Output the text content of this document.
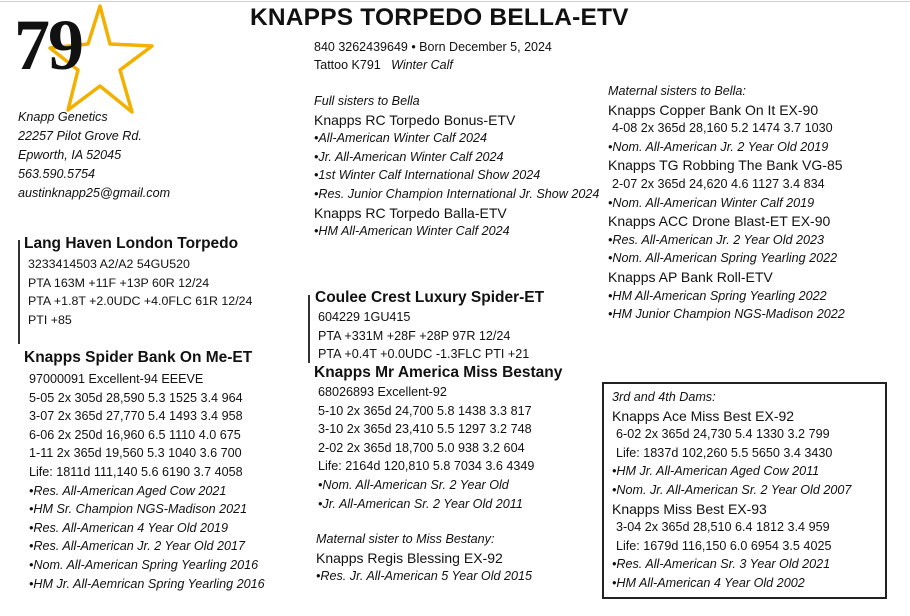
79	KNAPPS TORPEDO BELLA-ETV
840 3262439649 • Born December 5, 2024
Tattoo K791 Winter Calf
Knapp Genetics
22257 Pilot Grove Rd.
Epworth, IA 52045
563.590.5754
austinknapp25@gmail.com
Lang Haven London Torpedo
3233414503 A2/A2 54GU520
PTA 163M +11F +13P 60R 12/24
PTA +1.8T +2.0UDC +4.0FLC 61R 12/24
PTI +85
Knapps Spider Bank On Me-ET
97000091 Excellent-94 EEEVE
5-05 2x 305d 28,590 5.3 1525 3.4 964
3-07 2x 365d 27,770 5.4 1493 3.4 958
6-06 2x 250d 16,960 6.5 1110 4.0 675
1-11 2x 365d 19,560 5.3 1040 3.6 700
Life: 1811d 111,140 5.6 6190 3.7 4058
•Res. All-American Aged Cow 2021
•HM Sr. Champion NGS-Madison 2021
•Res. All-American 4 Year Old 2019
•Res. All-American Jr. 2 Year Old 2017
•Nom. All-American Spring Yearling 2016
•HM Jr. All-Aemrican Spring Yearling 2016
Full sisters to Bella
Knapps RC Torpedo Bonus-ETV
•All-American Winter Calf 2024
•Jr. All-American Winter Calf 2024
•1st Winter Calf International Show 2024
•Res. Junior Champion International Jr. Show 2024
Knapps RC Torpedo Balla-ETV
•HM All-American Winter Calf 2024
Coulee Crest Luxury Spider-ET
604229 1GU415
PTA +331M +28F +28P 97R 12/24
PTA +0.4T +0.0UDC -1.3FLC PTI +21
Knapps Mr America Miss Bestany
68026893 Excellent-92
5-10 2x 365d 24,700 5.8 1438 3.3 817
3-10 2x 365d 23,410 5.5 1297 3.2 748
2-02 2x 365d 18,700 5.0 938 3.2 604
Life: 2164d 120,810 5.8 7034 3.6 4349
•Nom. All-American Sr. 2 Year Old
•Jr. All-American Sr. 2 Year Old 2011
Maternal sister to Miss Bestany:
Knapps Regis Blessing EX-92
•Res. Jr. All-American 5 Year Old 2015
Maternal sisters to Bella:
Knapps Copper Bank On It EX-90
4-08 2x 365d 28,160 5.2 1474 3.7 1030
•Nom. All-American Jr. 2 Year Old 2019
Knapps TG Robbing The Bank VG-85
2-07 2x 365d 24,620 4.6 1127 3.4 834
•Nom. All-American Winter Calf 2019
Knapps ACC Drone Blast-ET EX-90
•Res. All-American Jr. 2 Year Old 2023
•Nom. All-American Spring Yearling 2022
Knapps AP Bank Roll-ETV
•HM All-American Spring Yearling 2022
•HM Junior Champion NGS-Madison 2022
3rd and 4th Dams:
Knapps Ace Miss Best EX-92
6-02 2x 365d 24,730 5.4 1330 3.2 799
Life: 1837d 102,260 5.5 5650 3.4 3430
•HM Jr. All-American Aged Cow 2011
•Nom. Jr. All-American Sr. 2 Year Old 2007
Knapps Miss Best EX-93
3-04 2x 365d 28,510 6.4 1812 3.4 959
Life: 1679d 116,150 6.0 6954 3.5 4025
•Res. All-American Sr. 3 Year Old 2021
•HM All-American 4 Year Old 2002
